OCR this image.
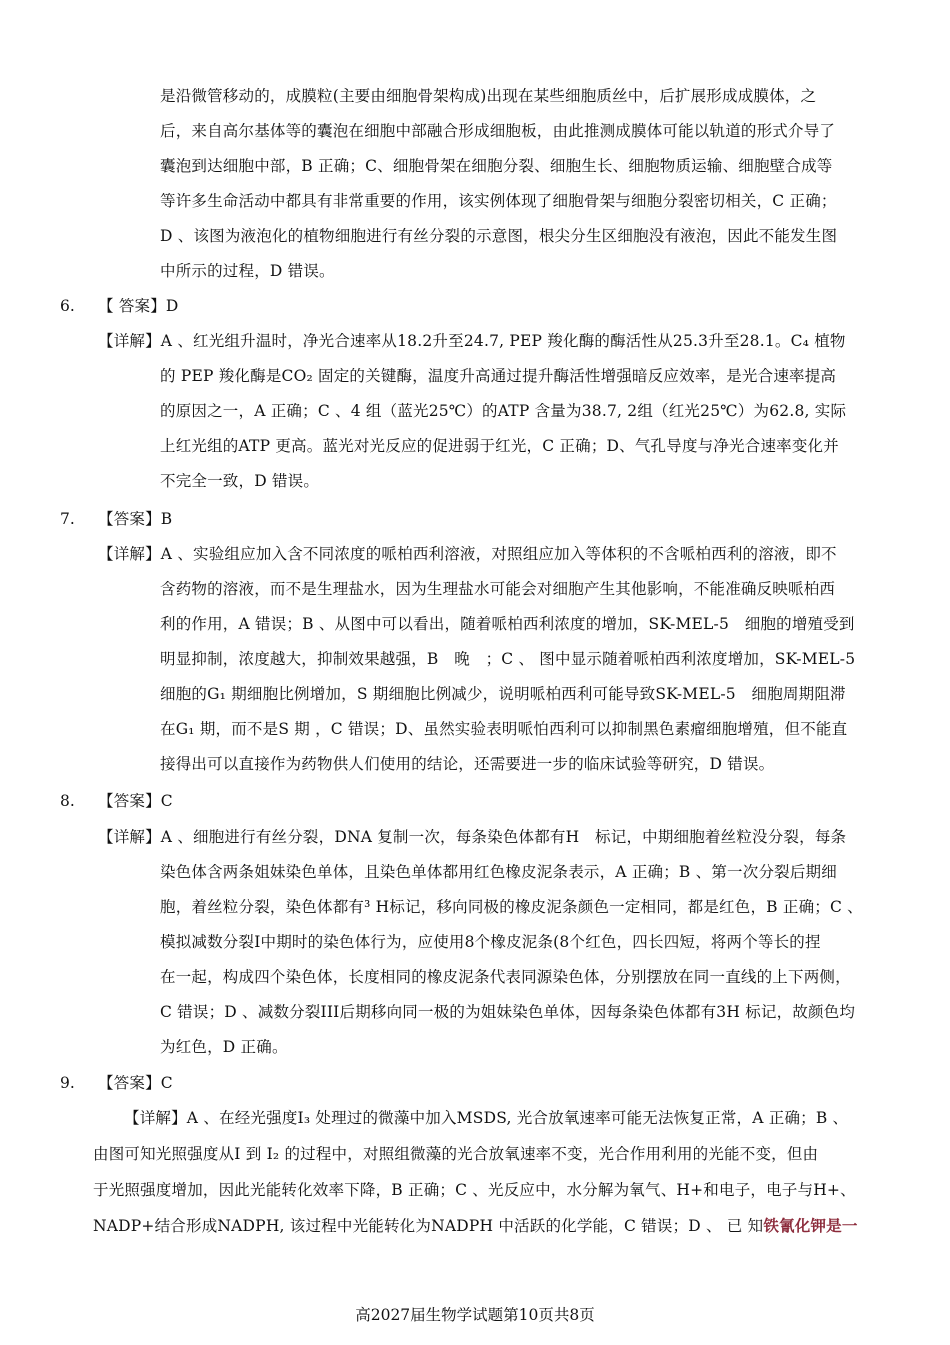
是沿微管移动的，成膜粒(主要由细胞骨架构成)出现在某些细胞质丝中，后扩展形成成膜体，之
后，来自高尔基体等的囊泡在细胞中部融合形成细胞板，由此推测成膜体可能以轨道的形式介导了
囊泡到达细胞中部，B 正确；C、细胞骨架在细胞分裂、细胞生长、细胞物质运输、细胞壁合成等
等许多生命活动中都具有非常重要的作用，该实例体现了细胞骨架与细胞分裂密切相关，C 正确；
D 、该图为液泡化的植物细胞进行有丝分裂的示意图，根尖分生区细胞没有液泡，因此不能发生图
中所示的过程，D 错误。
6. 【 答案】D
【详解】A 、红光组升温时，净光合速率从18.2升至24.7, PEP 羧化酶的酶活性从25.3升至28.1。C₄ 植物
的 PEP 羧化酶是CO₂ 固定的关键酶，温度升高通过提升酶活性增强暗反应效率，是光合速率提高
的原因之一，A 正确；C 、4 组（蓝光25℃）的ATP 含量为38.7, 2组（红光25℃）为62.8, 实际
上红光组的ATP 更高。蓝光对光反应的促进弱于红光，C 正确；D、气孔导度与净光合速率变化并
不完全一致，D 错误。
7. 【答案】B
【详解】A 、实验组应加入含不同浓度的哌柏西利溶液，对照组应加入等体积的不含哌柏西利的溶液，即不
含药物的溶液，而不是生理盐水，因为生理盐水可能会对细胞产生其他影响，不能准确反映哌柏西
利的作用，A 错误；B 、从图中可以看出，随着哌柏西利浓度的增加，SK-MEL-5　细胞的增殖受到
明显抑制，浓度越大，抑制效果越强，B　晚　；C 、 图中显示随着哌柏西利浓度增加，SK-MEL-5
细胞的G₁ 期细胞比例增加，S 期细胞比例减少，说明哌柏西利可能导致SK-MEL-5　细胞周期阻滞
在G₁ 期，而不是S 期 ，C 错误；D、虽然实验表明哌怕西利可以抑制黑色素瘤细胞增殖，但不能直
接得出可以直接作为药物供人们使用的结论，还需要进一步的临床试验等研究，D 错误。
8. 【答案】C
【详解】A 、细胞进行有丝分裂，DNA 复制一次，每条染色体都有H　标记，中期细胞着丝粒没分裂，每条
染色体含两条姐妹染色单体，且染色单体都用红色橡皮泥条表示，A 正确；B 、第一次分裂后期细
胞，着丝粒分裂，染色体都有³ H标记，移向同极的橡皮泥条颜色一定相同，都是红色，B 正确；C 、
模拟减数分裂I中期时的染色体行为，应使用8个橡皮泥条(8个红色，四长四短，将两个等长的捏
在一起，构成四个染色体，长度相同的橡皮泥条代表同源染色体，分别摆放在同一直线的上下两侧，
C 错误；D 、减数分裂III后期移向同一极的为姐妹染色单体，因每条染色体都有3H 标记，故颜色均
为红色，D 正确。
9. 【答案】C
【详解】A 、在经光强度I₃ 处理过的微藻中加入MSDS, 光合放氧速率可能无法恢复正常，A 正确；B 、
由图可知光照强度从I 到 I₂ 的过程中，对照组微藻的光合放氧速率不变，光合作用利用的光能不变，但由
于光照强度增加，因此光能转化效率下降，B 正确；C 、光反应中，水分解为氧气、H+和电子，电子与H+、
NADP+结合形成NADPH, 该过程中光能转化为NADPH 中活跃的化学能，C 错误；D 、 已 知铁氰化钾是一
高2027届生物学试题第10页共8页
